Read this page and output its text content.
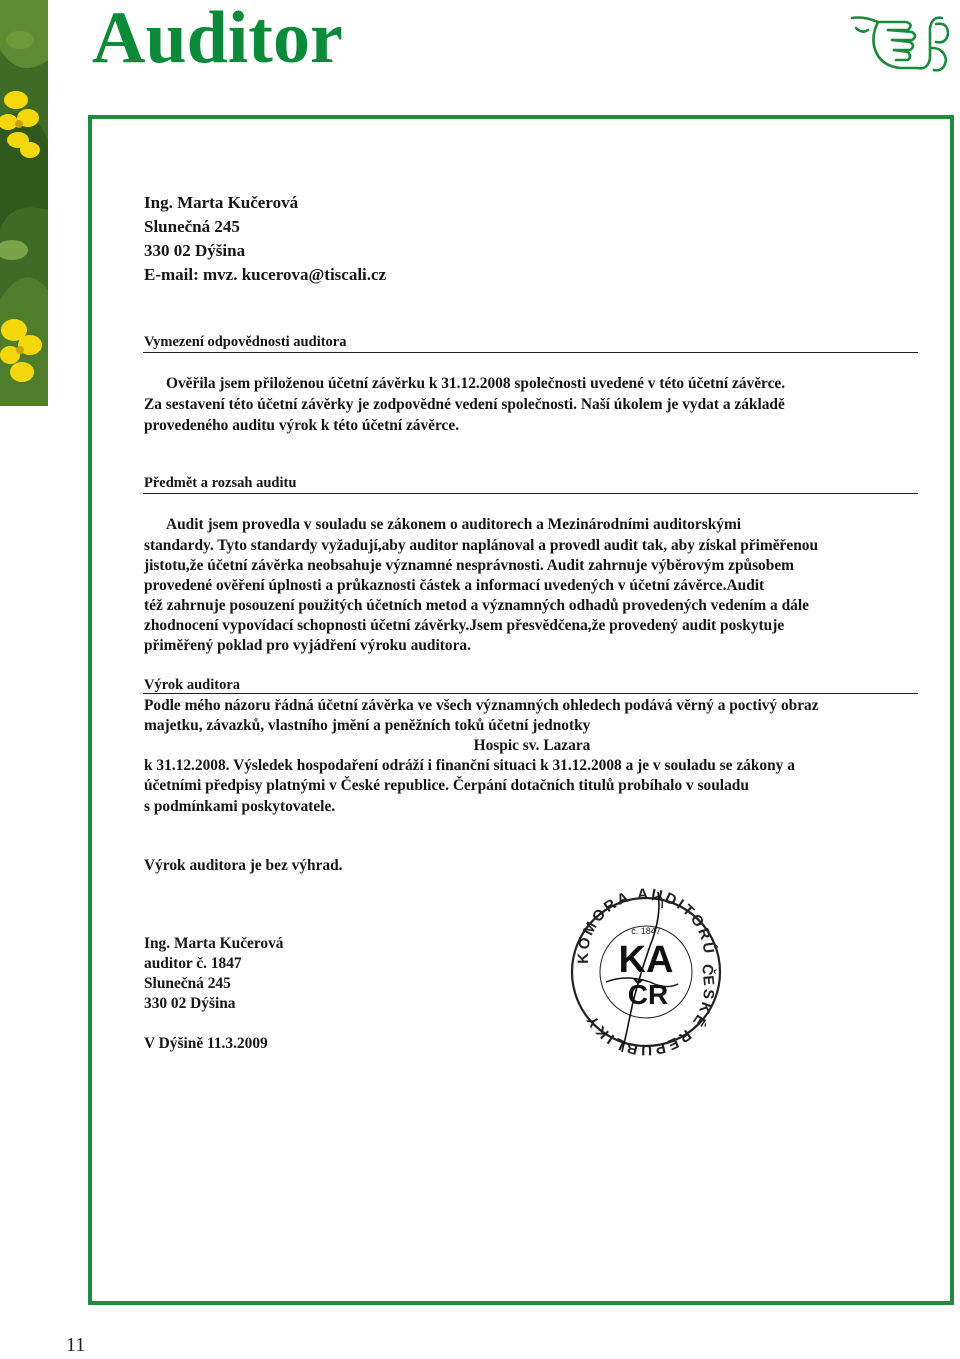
Auditor
Ing. Marta Kučerová
Slunečná 245
330 02 Dýšina
E-mail: mvz. kucerova@tiscali.cz
Vymezení odpovědnosti auditora
Ověřila jsem přiloženou účetní závěrku k 31.12.2008 společnosti uvedené v této účetní závěrce.
Za sestavení této účetní závěrky je zodpovědné vedení společnosti. Naší úkolem je vydat a základě
provedeného auditu výrok k této účetní závěrce.
Předmět a rozsah auditu
Audit jsem provedla v souladu se zákonem o auditorech a Mezinárodními auditorskými
standardy. Tyto standardy vyžadují,aby auditor naplánoval a provedl audit tak, aby získal přiměřenou
jistotu,že účetní závěrka neobsahuje významné nesprávnosti. Audit zahrnuje výběrovým způsobem
provedené ověření úplnosti a průkaznosti částek a informací uvedených v účetní závěrce.Audit
též zahrnuje posouzení použitých účetních metod a významných odhadů provedených vedením a dále
zhodnocení vypovídací schopnosti účetní závěrky.Jsem přesvědčena,že provedený audit poskytuje
přiměřený poklad pro vyjádření výroku auditora.
Výrok auditora
Podle mého názoru řádná účetní závěrka ve všech významných ohledech podává věrný a poctivý obraz
majetku, závazků, vlastního jmění a peněžních toků účetní jednotky
Hospic sv. Lazara
k 31.12.2008. Výsledek hospodaření odráží i finanční situaci k 31.12.2008 a je v souladu se zákony a
účetními předpisy platnými v České republice. Čerpání dotačních titulů probíhalo v souladu
s podmínkami poskytovatele.
Výrok auditora je bez výhrad.
Ing. Marta Kučerová
auditor č. 1847
Slunečná 245
330 02 Dýšina
V Dýšině 11.3.2009
KOMORA AUDITORŮ ČESKÉ REPUBLIKY
č. 1847
KA
ČR
11
